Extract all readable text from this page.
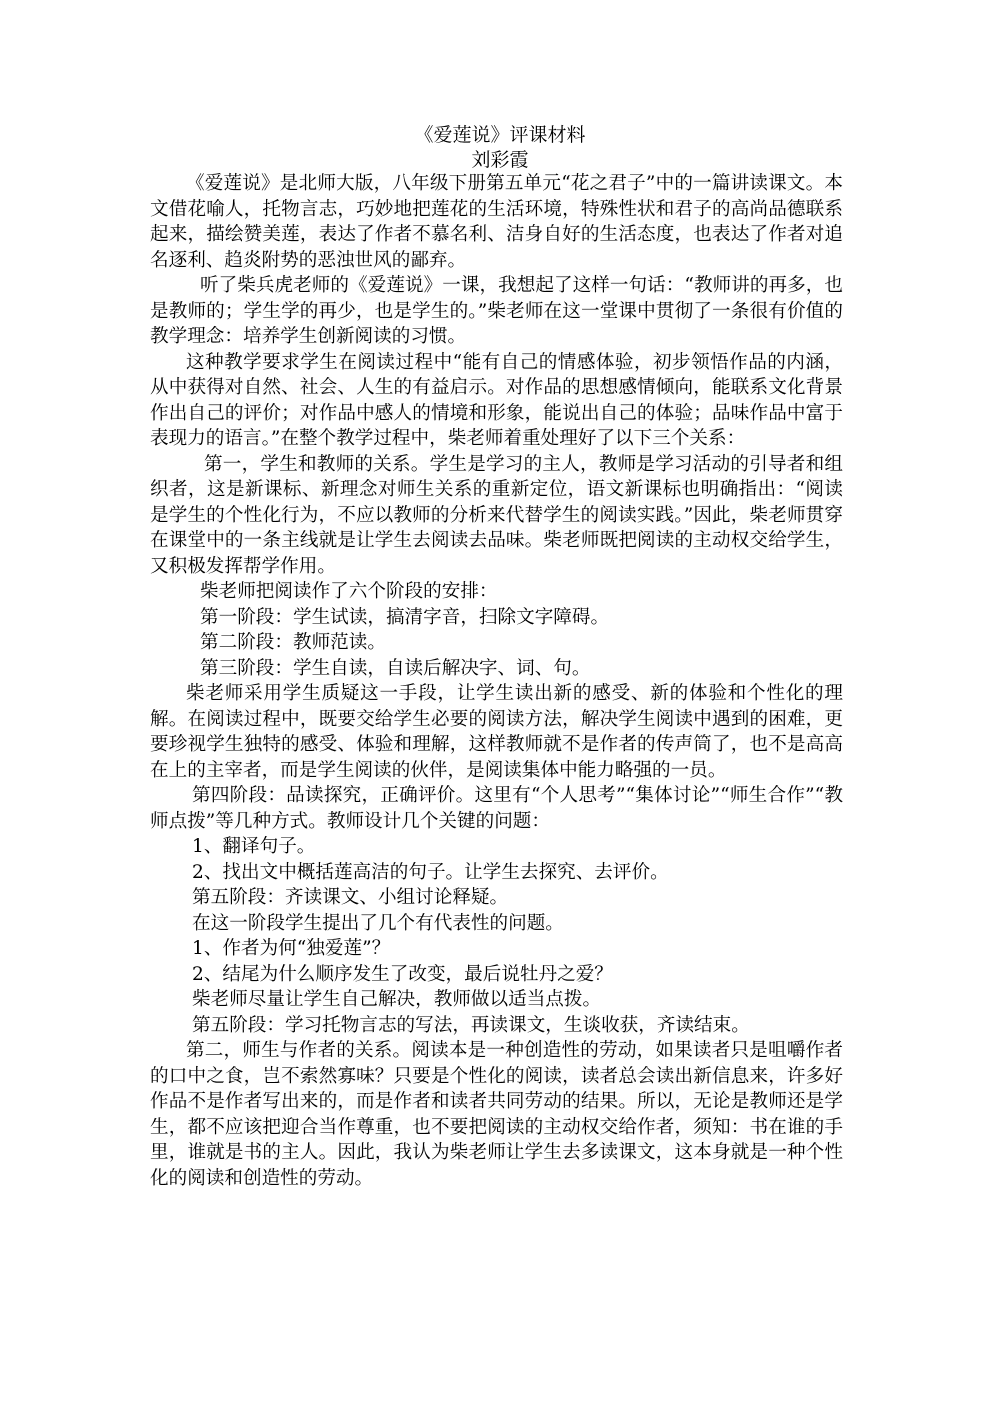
《爱莲说》评课材料
刘彩霞

《爱莲说》是北师大版，八年级下册第五单元“花之君子”中的一篇讲读课文。本文借花喻人，托物言志，巧妙地把莲花的生活环境，特殊性状和君子的高尚品德联系起来，描绘赞美莲，表达了作者不慕名利、洁身自好的生活态度，也表达了作者对追名逐利、趋炎附势的恶浊世风的鄙弃。

听了柴兵虎老师的《爱莲说》一课，我想起了这样一句话：“教师讲的再多，也是教师的；学生学的再少，也是学生的。”柴老师在这一堂课中贯彻了一条很有价值的教学理念：培养学生创新阅读的习惯。

这种教学要求学生在阅读过程中“能有自己的情感体验，初步领悟作品的内涵，从中获得对自然、社会、人生的有益启示。对作品的思想感情倾向，能联系文化背景作出自己的评价；对作品中感人的情境和形象，能说出自己的体验；品味作品中富于表现力的语言。”在整个教学过程中，柴老师着重处理好了以下三个关系：

第一，学生和教师的关系。学生是学习的主人，教师是学习活动的引导者和组织者，这是新课标、新理念对师生关系的重新定位，语文新课标也明确指出：“阅读是学生的个性化行为，不应以教师的分析来代替学生的阅读实践。”因此，柴老师贯穿在课堂中的一条主线就是让学生去阅读去品味。柴老师既把阅读的主动权交给学生，又积极发挥帮学作用。

柴老师把阅读作了六个阶段的安排：

第一阶段：学生试读，搞清字音，扫除文字障碍。

第二阶段：教师范读。

第三阶段：学生自读，自读后解决字、词、句。

柴老师采用学生质疑这一手段，让学生读出新的感受、新的体验和个性化的理解。在阅读过程中，既要交给学生必要的阅读方法，解决学生阅读中遇到的困难，更要珍视学生独特的感受、体验和理解，这样教师就不是作者的传声筒了，也不是高高在上的主宰者，而是学生阅读的伙伴，是阅读集体中能力略强的一员。

第四阶段：品读探究，正确评价。这里有“个人思考”“集体讨论”“师生合作”“教师点拨”等几种方式。教师设计几个关键的问题：

1、翻译句子。

2、找出文中概括莲高洁的句子。让学生去探究、去评价。

第五阶段：齐读课文、小组讨论释疑。

在这一阶段学生提出了几个有代表性的问题。

1、作者为何“独爱莲”？

2、结尾为什么顺序发生了改变，最后说牡丹之爱？

柴老师尽量让学生自己解决，教师做以适当点拨。

第五阶段：学习托物言志的写法，再读课文，生谈收获，齐读结束。

第二，师生与作者的关系。阅读本是一种创造性的劳动，如果读者只是咀嚼作者的口中之食，岂不索然寡味？只要是个性化的阅读，读者总会读出新信息来，许多好作品不是作者写出来的，而是作者和读者共同劳动的结果。所以，无论是教师还是学生，都不应该把迎合当作尊重，也不要把阅读的主动权交给作者，须知：书在谁的手里，谁就是书的主人。因此，我认为柴老师让学生去多读课文，这本身就是一种个性化的阅读和创造性的劳动。
